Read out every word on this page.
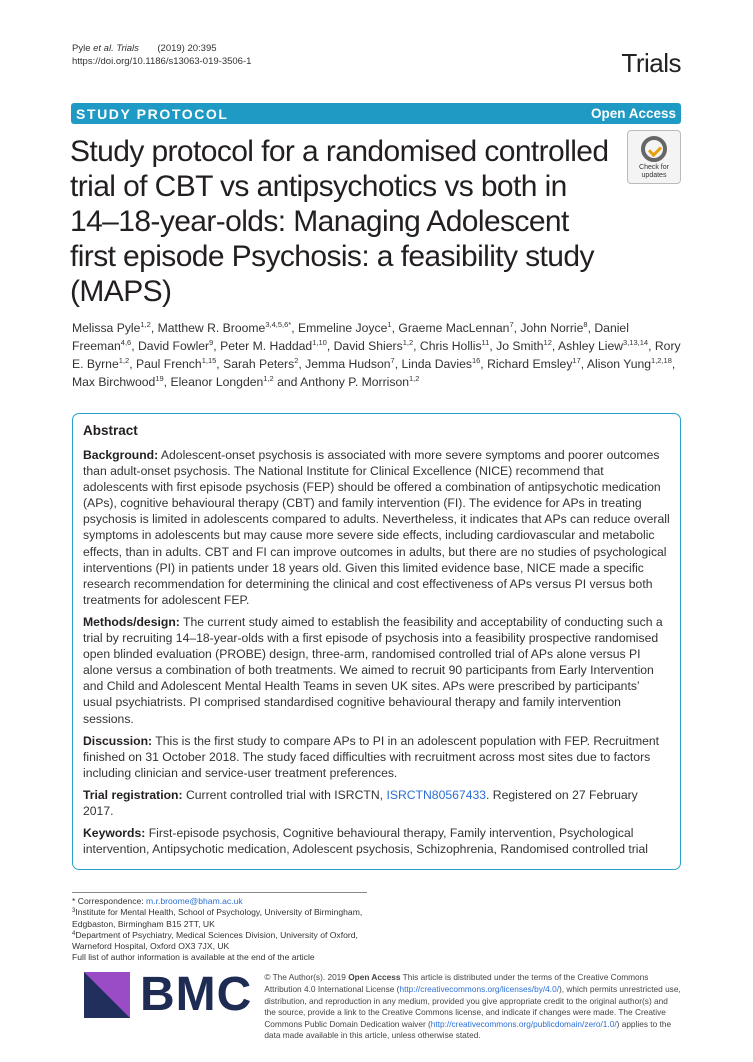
Pyle et al. Trials (2019) 20:395
https://doi.org/10.1186/s13063-019-3506-1	Trials
STUDY PROTOCOL	Open Access
Study protocol for a randomised controlled trial of CBT vs antipsychotics vs both in 14–18-year-olds: Managing Adolescent first episode Psychosis: a feasibility study (MAPS)
Check for
updates
Melissa Pyle$^{1,2}$, Matthew R. Broome$^{3,4,5,6*}$, Emmeline Joyce$^1$, Graeme MacLennan$^7$, John Norrie$^8$, Daniel Freeman$^{4,6}$, David Fowler$^9$, Peter M. Haddad$^{1,10}$, David Shiers$^{1,2}$, Chris Hollis$^{11}$, Jo Smith$^{12}$, Ashley Liew$^{3,13,14}$, Rory E. Byrne$^{1,2}$, Paul French$^{1,15}$, Sarah Peters$^2$, Jemma Hudson$^7$, Linda Davies$^{16}$, Richard Emsley$^{17}$, Alison Yung$^{1,2,18}$, Max Birchwood$^{19}$, Eleanor Longden$^{1,2}$ and Anthony P. Morrison$^{1,2}$
Abstract

Background: Adolescent-onset psychosis is associated with more severe symptoms and poorer outcomes than adult-onset psychosis. The National Institute for Clinical Excellence (NICE) recommend that adolescents with first episode psychosis (FEP) should be offered a combination of antipsychotic medication (APs), cognitive behavioural therapy (CBT) and family intervention (FI). The evidence for APs in treating psychosis is limited in adolescents compared to adults. Nevertheless, it indicates that APs can reduce overall symptoms in adolescents but may cause more severe side effects, including cardiovascular and metabolic effects, than in adults. CBT and FI can improve outcomes in adults, but there are no studies of psychological interventions (PI) in patients under 18 years old. Given this limited evidence base, NICE made a specific research recommendation for determining the clinical and cost effectiveness of APs versus PI versus both treatments for adolescent FEP.

Methods/design: The current study aimed to establish the feasibility and acceptability of conducting such a trial by recruiting 14–18-year-olds with a first episode of psychosis into a feasibility prospective randomised open blinded evaluation (PROBE) design, three-arm, randomised controlled trial of APs alone versus PI alone versus a combination of both treatments. We aimed to recruit 90 participants from Early Intervention and Child and Adolescent Mental Health Teams in seven UK sites. APs were prescribed by participants’ usual psychiatrists. PI comprised standardised cognitive behavioural therapy and family intervention sessions.

Discussion: This is the first study to compare APs to PI in an adolescent population with FEP. Recruitment finished on 31 October 2018. The study faced difficulties with recruitment across most sites due to factors including clinician and service-user treatment preferences.

Trial registration: Current controlled trial with ISRCTN, ISRCTN80567433. Registered on 27 February 2017.

Keywords: First-episode psychosis, Cognitive behavioural therapy, Family intervention, Psychological intervention, Antipsychotic medication, Adolescent psychosis, Schizophrenia, Randomised controlled trial

* Correspondence: m.r.broome@bham.ac.uk
$^3$Institute for Mental Health, School of Psychology, University of Birmingham, Edgbaston, Birmingham B15 2TT, UK
$^4$Department of Psychiatry, Medical Sciences Division, University of Oxford, Warneford Hospital, Oxford OX3 7JX, UK
Full list of author information is available at the end of the article
BMC © The Author(s). 2019 Open Access This article is distributed under the terms of the Creative Commons Attribution 4.0 International License (http://creativecommons.org/licenses/by/4.0/), which permits unrestricted use, distribution, and reproduction in any medium, provided you give appropriate credit to the original author(s) and the source, provide a link to the Creative Commons license, and indicate if changes were made. The Creative Commons Public Domain Dedication waiver (http://creativecommons.org/publicdomain/zero/1.0/) applies to the data made available in this article, unless otherwise stated.
